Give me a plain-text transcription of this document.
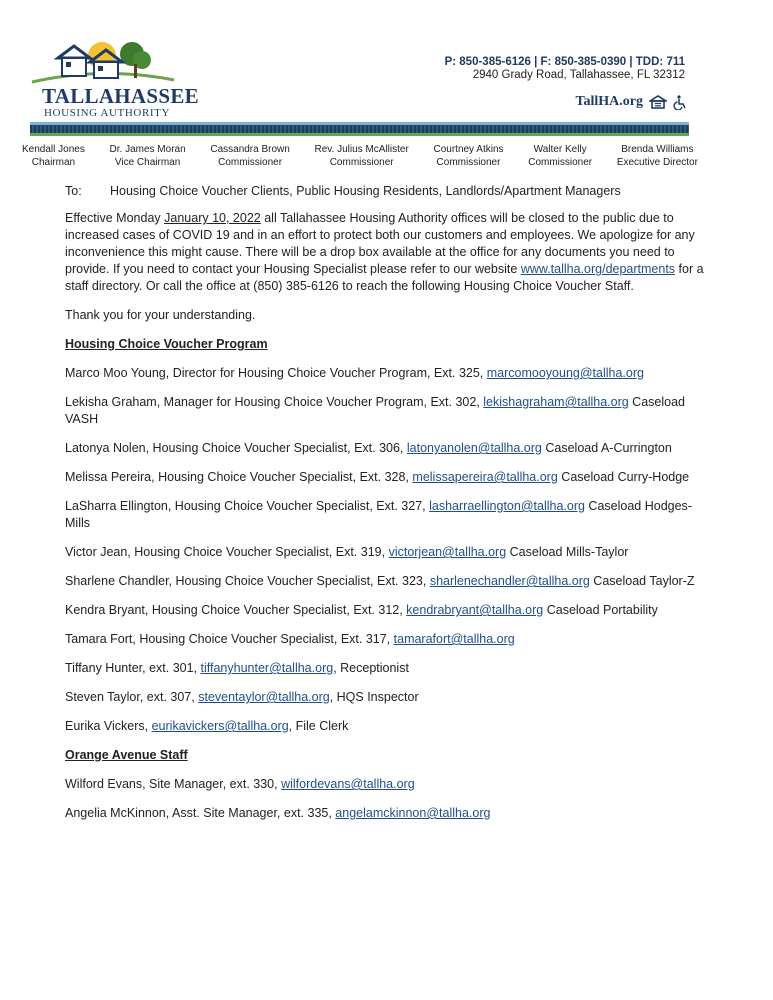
TALLAHASSEE
HOUSING AUTHORITY
P: 850-385-6126 | F: 850-385-0390 | TDD: 711
2940 Grady Road, Tallahassee, FL 32312
TallHA.org
Kendall Jones
Chairman
Dr. James Moran
Vice Chairman
Cassandra Brown
Commissioner
Rev. Julius McAllister
Commissioner
Courtney Atkins
Commissioner
Walter Kelly
Commissioner
Brenda Williams
Executive Director
To:	Housing Choice Voucher Clients, Public Housing Residents, Landlords/Apartment Managers

Effective Monday January 10, 2022 all Tallahassee Housing Authority offices will be closed to the public due to increased cases of COVID 19 and in an effort to protect both our customers and employees. We apologize for any inconvenience this might cause. There will be a drop box available at the office for any documents you need to provide. If you need to contact your Housing Specialist please refer to our website www.tallha.org/departments for a staff directory. Or call the office at (850) 385-6126 to reach the following Housing Choice Voucher Staff.

Thank you for your understanding.

Housing Choice Voucher Program

Marco Moo Young, Director for Housing Choice Voucher Program, Ext. 325, marcomooyoung@tallha.org

Lekisha Graham, Manager for Housing Choice Voucher Program, Ext. 302, lekishagraham@tallha.org Caseload VASH

Latonya Nolen, Housing Choice Voucher Specialist, Ext. 306, latonyanolen@tallha.org Caseload A-Currington

Melissa Pereira, Housing Choice Voucher Specialist, Ext. 328, melissapereira@tallha.org Caseload Curry-Hodge

LaSharra Ellington, Housing Choice Voucher Specialist, Ext. 327, lasharraellington@tallha.org Caseload Hodges-Mills

Victor Jean, Housing Choice Voucher Specialist, Ext. 319, victorjean@tallha.org Caseload Mills-Taylor

Sharlene Chandler, Housing Choice Voucher Specialist, Ext. 323, sharlenechandler@tallha.org Caseload Taylor-Z

Kendra Bryant, Housing Choice Voucher Specialist, Ext. 312, kendrabryant@tallha.org Caseload Portability

Tamara Fort, Housing Choice Voucher Specialist, Ext. 317, tamarafort@tallha.org

Tiffany Hunter, ext. 301, tiffanyhunter@tallha.org, Receptionist

Steven Taylor, ext. 307, steventaylor@tallha.org, HQS Inspector

Eurika Vickers, eurikavickers@tallha.org, File Clerk

Orange Avenue Staff

Wilford Evans, Site Manager, ext. 330, wilfordevans@tallha.org

Angelia McKinnon, Asst. Site Manager, ext. 335, angelamckinnon@tallha.org
